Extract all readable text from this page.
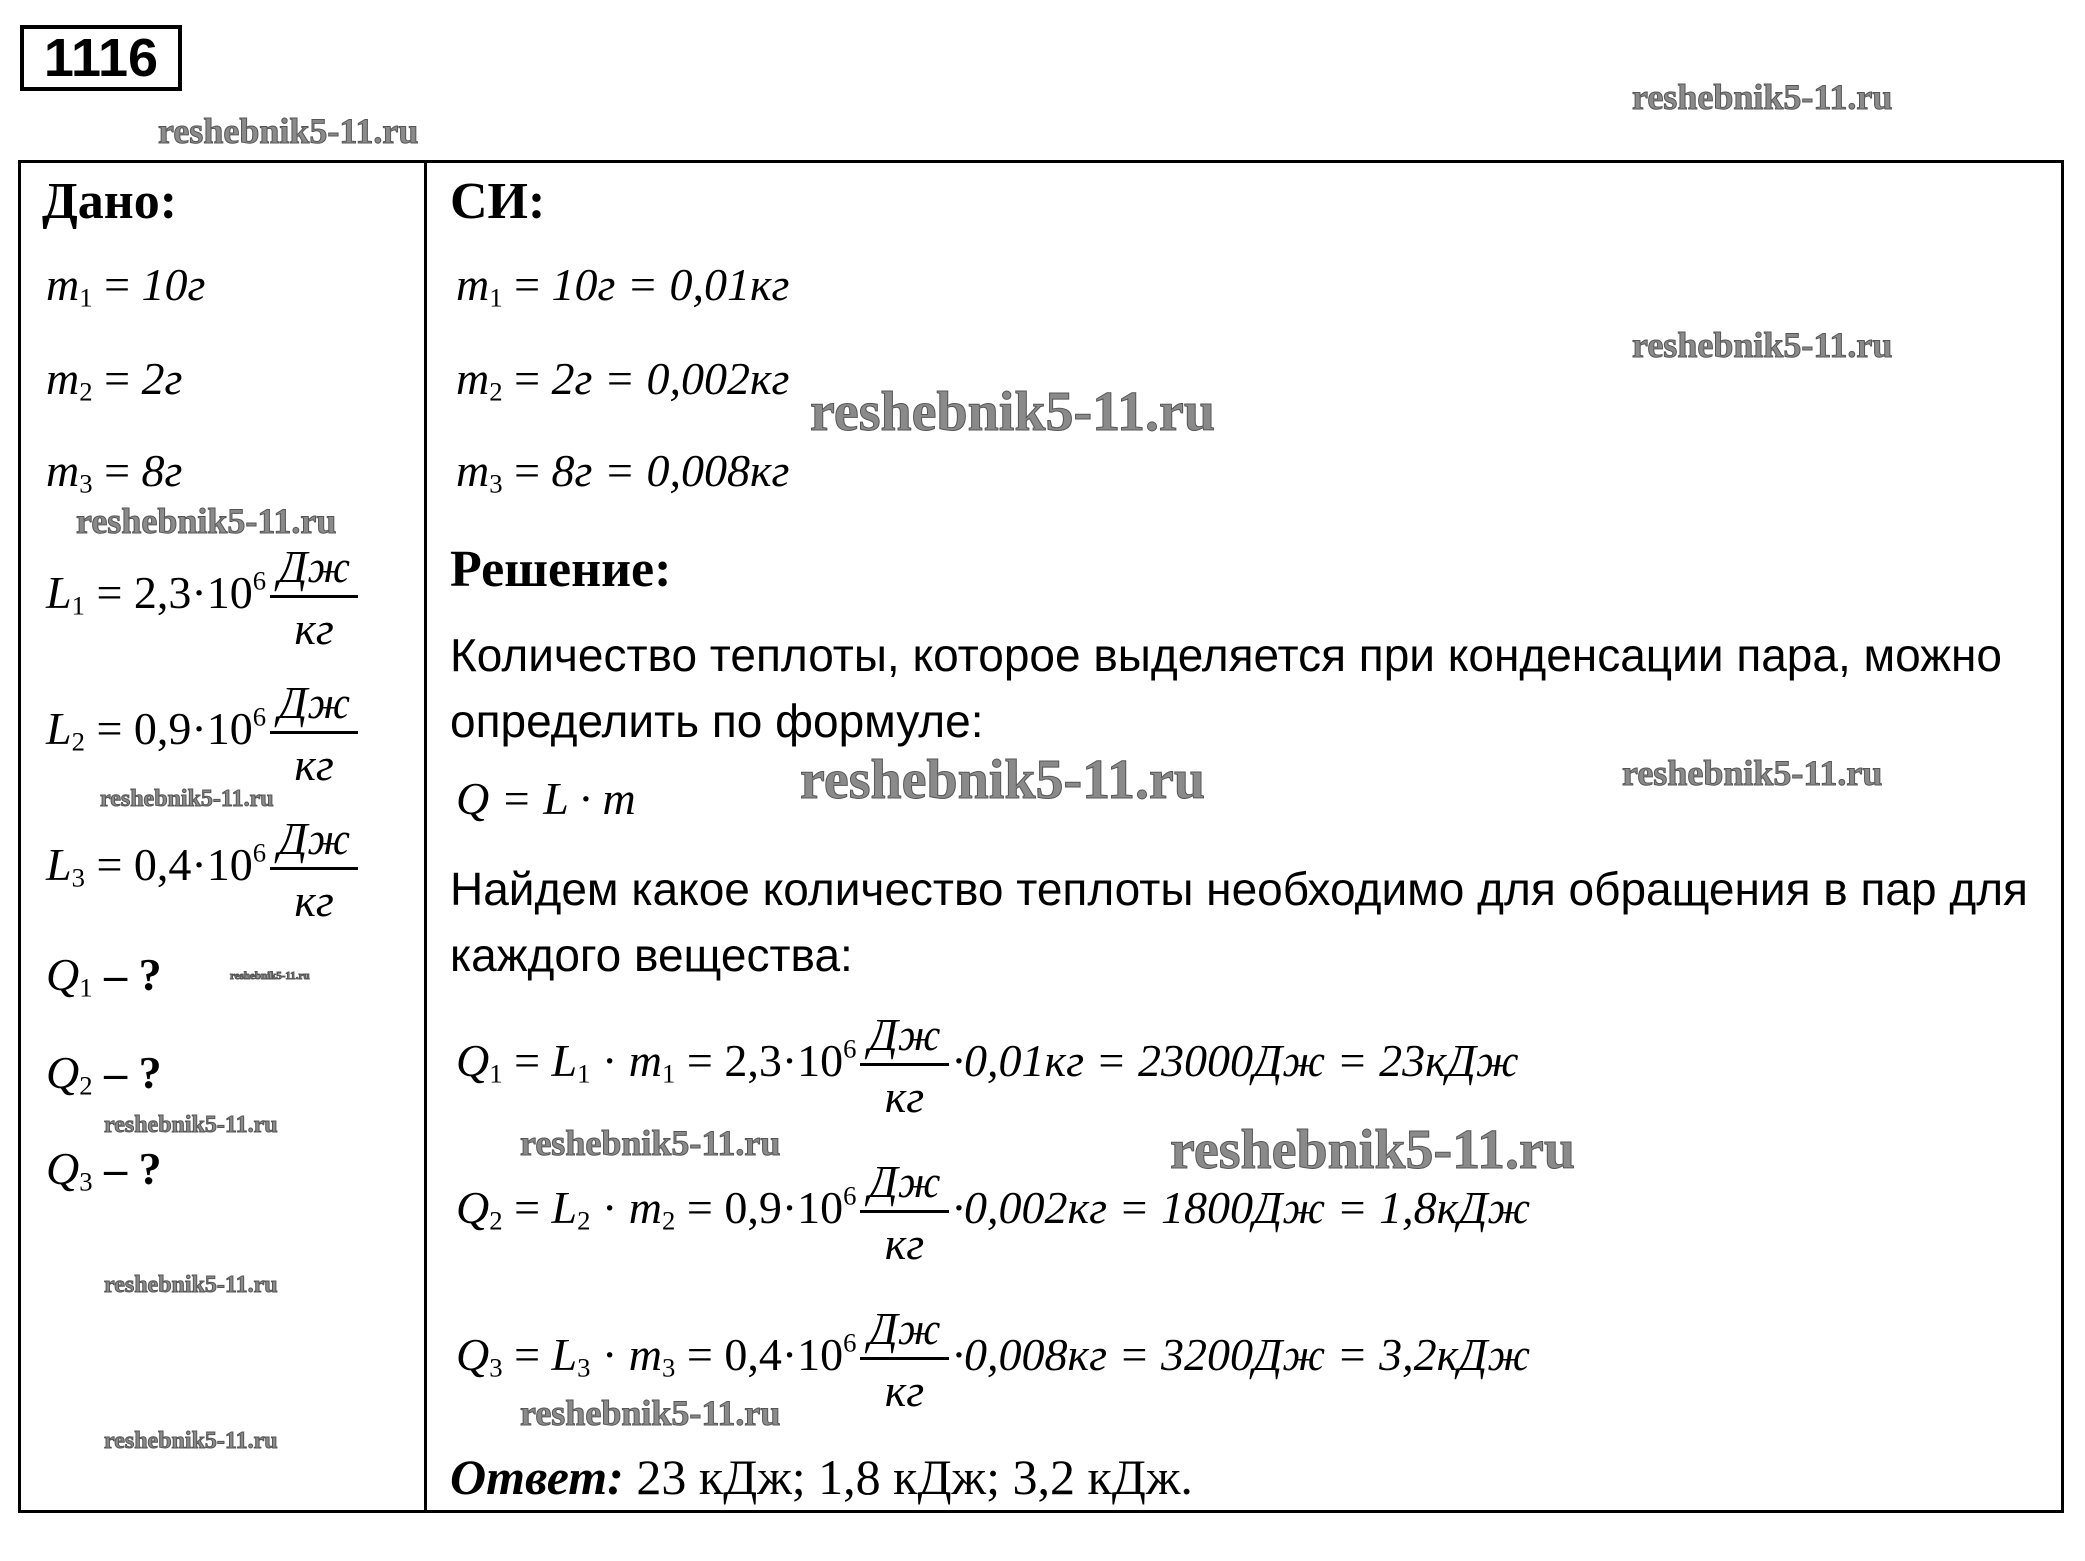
1116
Дано:
$m_1 = 10г$
$m_2 = 2г$
$m_3 = 8г$
$L_1 = 2,3\cdot 10^6 \frac{Дж}{кг}$
$L_2 = 0,9\cdot 10^6 \frac{Дж}{кг}$
$L_3 = 0,4\cdot 10^6 \frac{Дж}{кг}$
$Q_1$ – ?
$Q_2$ – ?
$Q_3$ – ?
СИ:
$m_1 = 10г = 0,01кг$
$m_2 = 2г = 0,002кг$
$m_3 = 8г = 0,008кг$
Решение:
Количество теплоты, которое выделяется при конденсации пара, можно определить по формуле:
Q = L · m
Найдем какое количество теплоты необходимо для обращения в пар для каждого вещества:
$Q_1 = L_1 \cdot m_1 = 2,3\cdot 10^6 \frac{Дж}{кг} \cdot 0,01кг = 23000Дж = 23кДж$
$Q_2 = L_2 \cdot m_2 = 0,9\cdot 10^6 \frac{Дж}{кг} \cdot 0,002кг = 1800Дж = 1,8кДж$
$Q_3 = L_3 \cdot m_3 = 0,4\cdot 10^6 \frac{Дж}{кг} \cdot 0,008кг = 3200Дж = 3,2кДж$
Ответ: 23 кДж; 1,8 кДж; 3,2 кДж.
reshebnik5-11.ru
reshebnik5-11.ru
reshebnik5-11.ru
reshebnik5-11.ru
reshebnik5-11.ru
reshebnik5-11.ru	reshebnik5-11.ru	reshebnik5-11.ru
reshebnik5-11.ru
reshebnik5-11.ru	reshebnik5-11.ru	reshebnik5-11.ru
reshebnik5-11.ru
reshebnik5-11.ru
reshebnik5-11.ru
